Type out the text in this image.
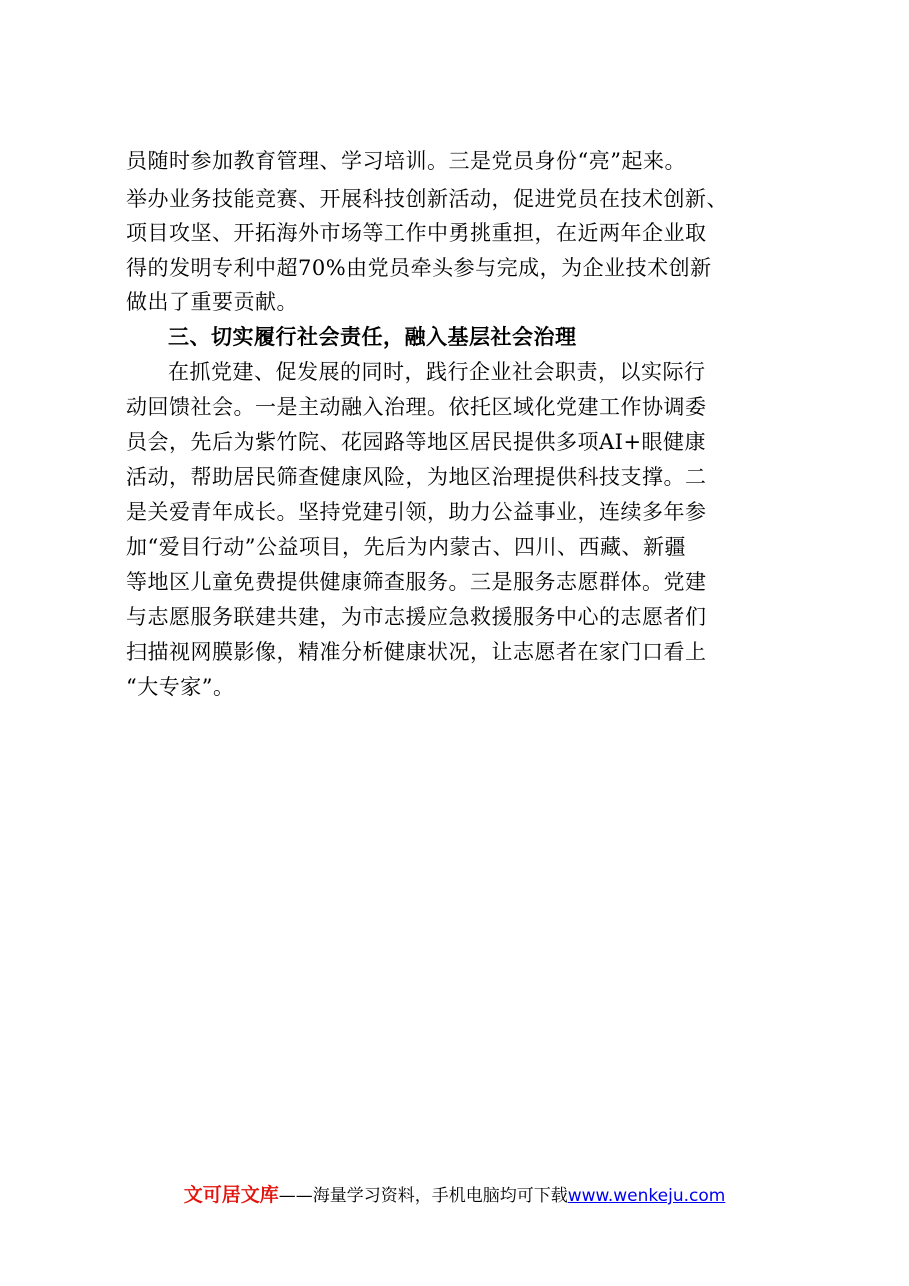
员随时参加教育管理、学习培训。三是党员身份“亮”起来。
举办业务技能竞赛、开展科技创新活动，促进党员在技术创新、
项目攻坚、开拓海外市场等工作中勇挑重担，在近两年企业取
得的发明专利中超70%由党员牵头参与完成，为企业技术创新
做出了重要贡献。
三、切实履行社会责任，融入基层社会治理
在抓党建、促发展的同时，践行企业社会职责，以实际行
动回馈社会。一是主动融入治理。依托区域化党建工作协调委
员会，先后为紫竹院、花园路等地区居民提供多项AI+眼健康
活动，帮助居民筛查健康风险，为地区治理提供科技支撑。二
是关爱青年成长。坚持党建引领，助力公益事业，连续多年参
加“爱目行动”公益项目，先后为内蒙古、四川、西藏、新疆
等地区儿童免费提供健康筛查服务。三是服务志愿群体。党建
与志愿服务联建共建，为市志援应急救援服务中心的志愿者们
扫描视网膜影像，精准分析健康状况，让志愿者在家门口看上
“大专家”。
文可居文库——海量学习资料，手机电脑均可下载www.wenkeju.com
